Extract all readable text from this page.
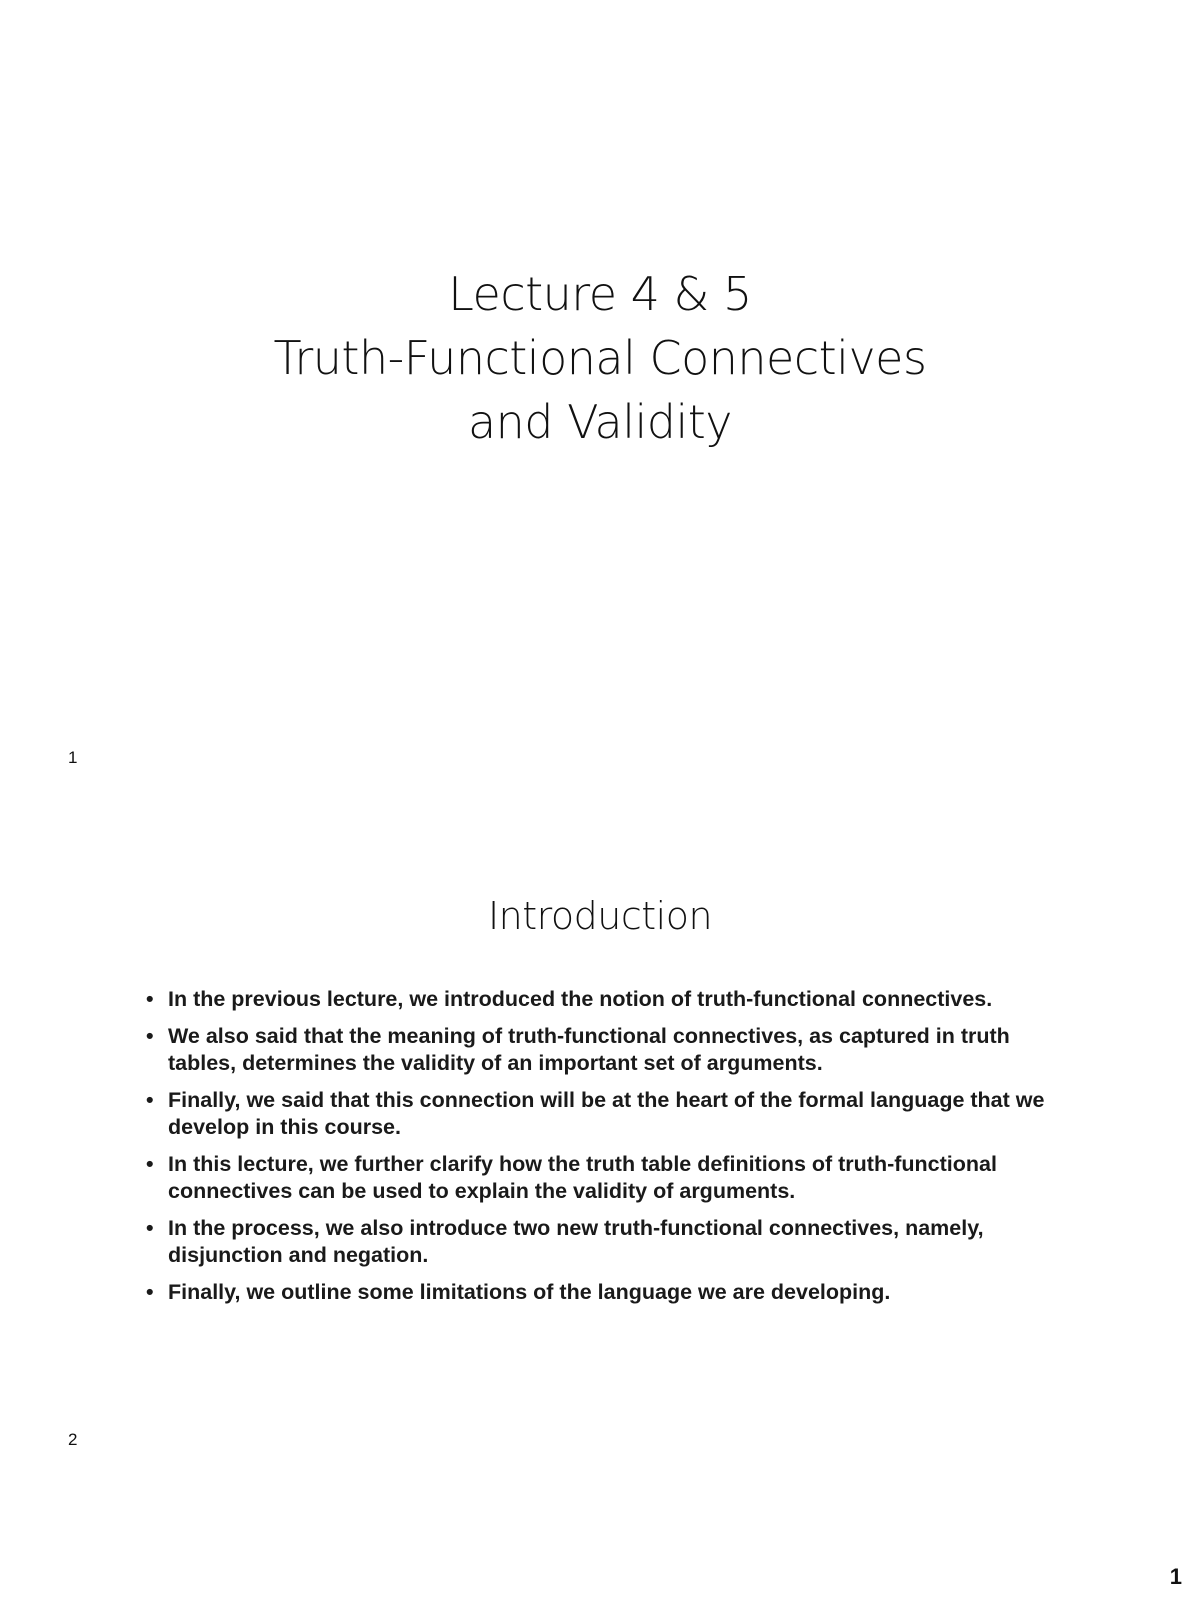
Lecture 4 & 5
Truth-Functional Connectives
and Validity
1
Introduction
• In the previous lecture, we introduced the notion of truth-functional connectives.
• We also said that the meaning of truth-functional connectives, as captured in truth tables, determines the validity of an important set of arguments.
• Finally, we said that this connection will be at the heart of the formal language that we develop in this course.
• In this lecture, we further clarify how the truth table definitions of truth-functional connectives can be used to explain the validity of arguments.
• In the process, we also introduce two new truth-functional connectives, namely, disjunction and negation.
• Finally, we outline some limitations of the language we are developing.
2
1
